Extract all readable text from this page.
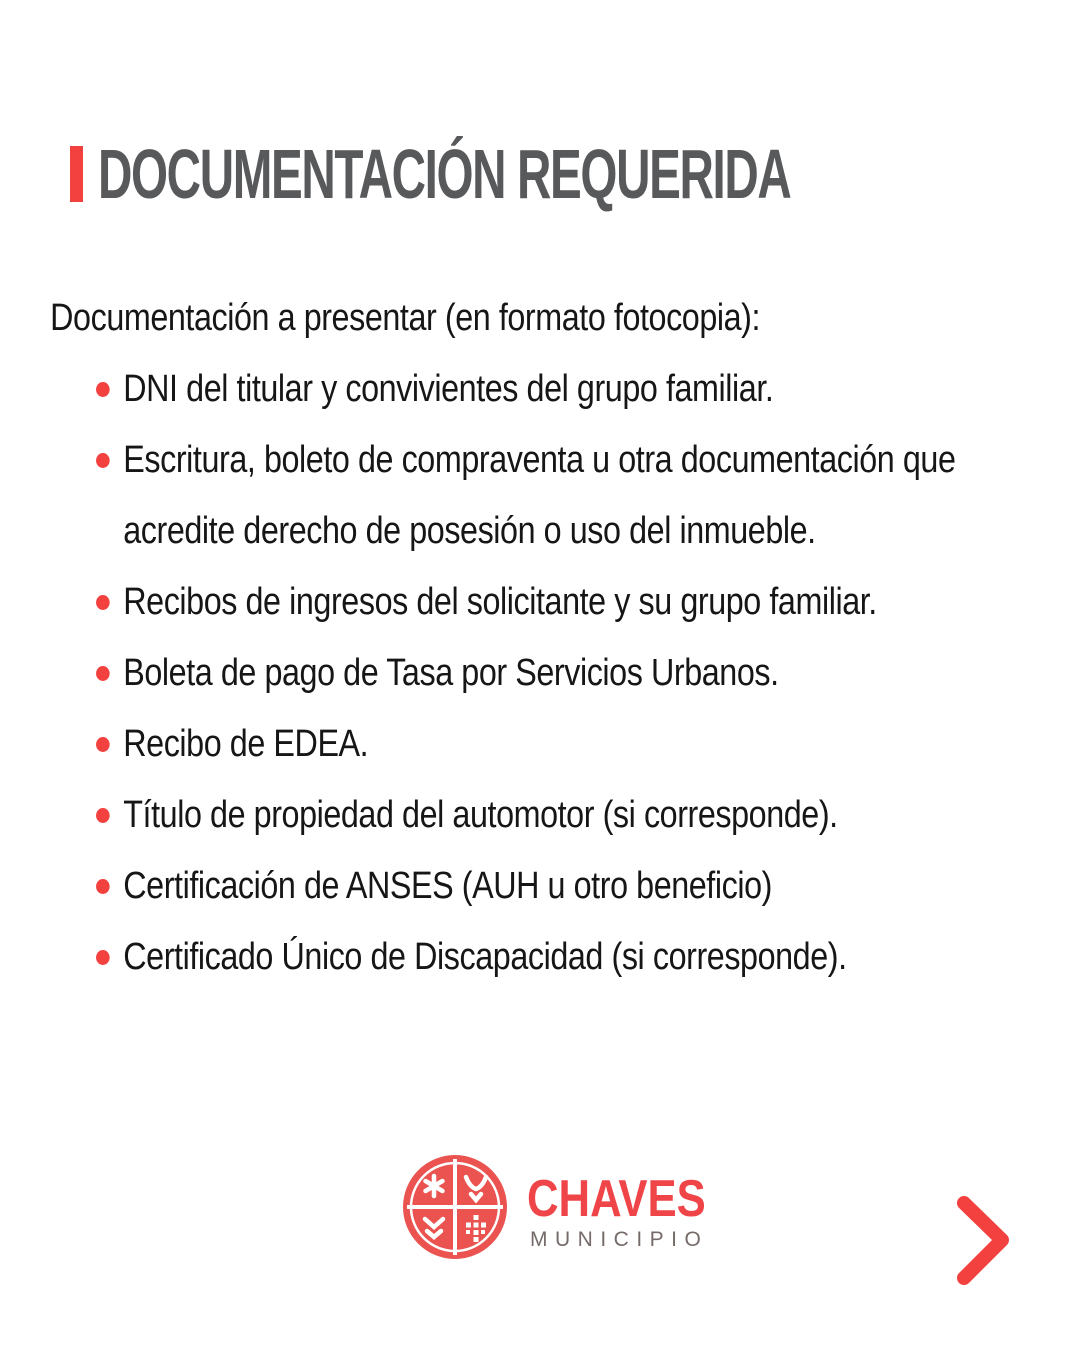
DOCUMENTACIÓN REQUERIDA

Documentación a presentar (en formato fotocopia):

DNI del titular y convivientes del grupo familiar.
Escritura, boleto de compraventa u otra documentación que acredite derecho de posesión o uso del inmueble.
Recibos de ingresos del solicitante y su grupo familiar.
Boleta de pago de Tasa por Servicios Urbanos.
Recibo de EDEA.
Título de propiedad del automotor (si corresponde).
Certificación de ANSES (AUH u otro beneficio)
Certificado Único de Discapacidad (si corresponde).
CHAVES
MUNICIPIO
